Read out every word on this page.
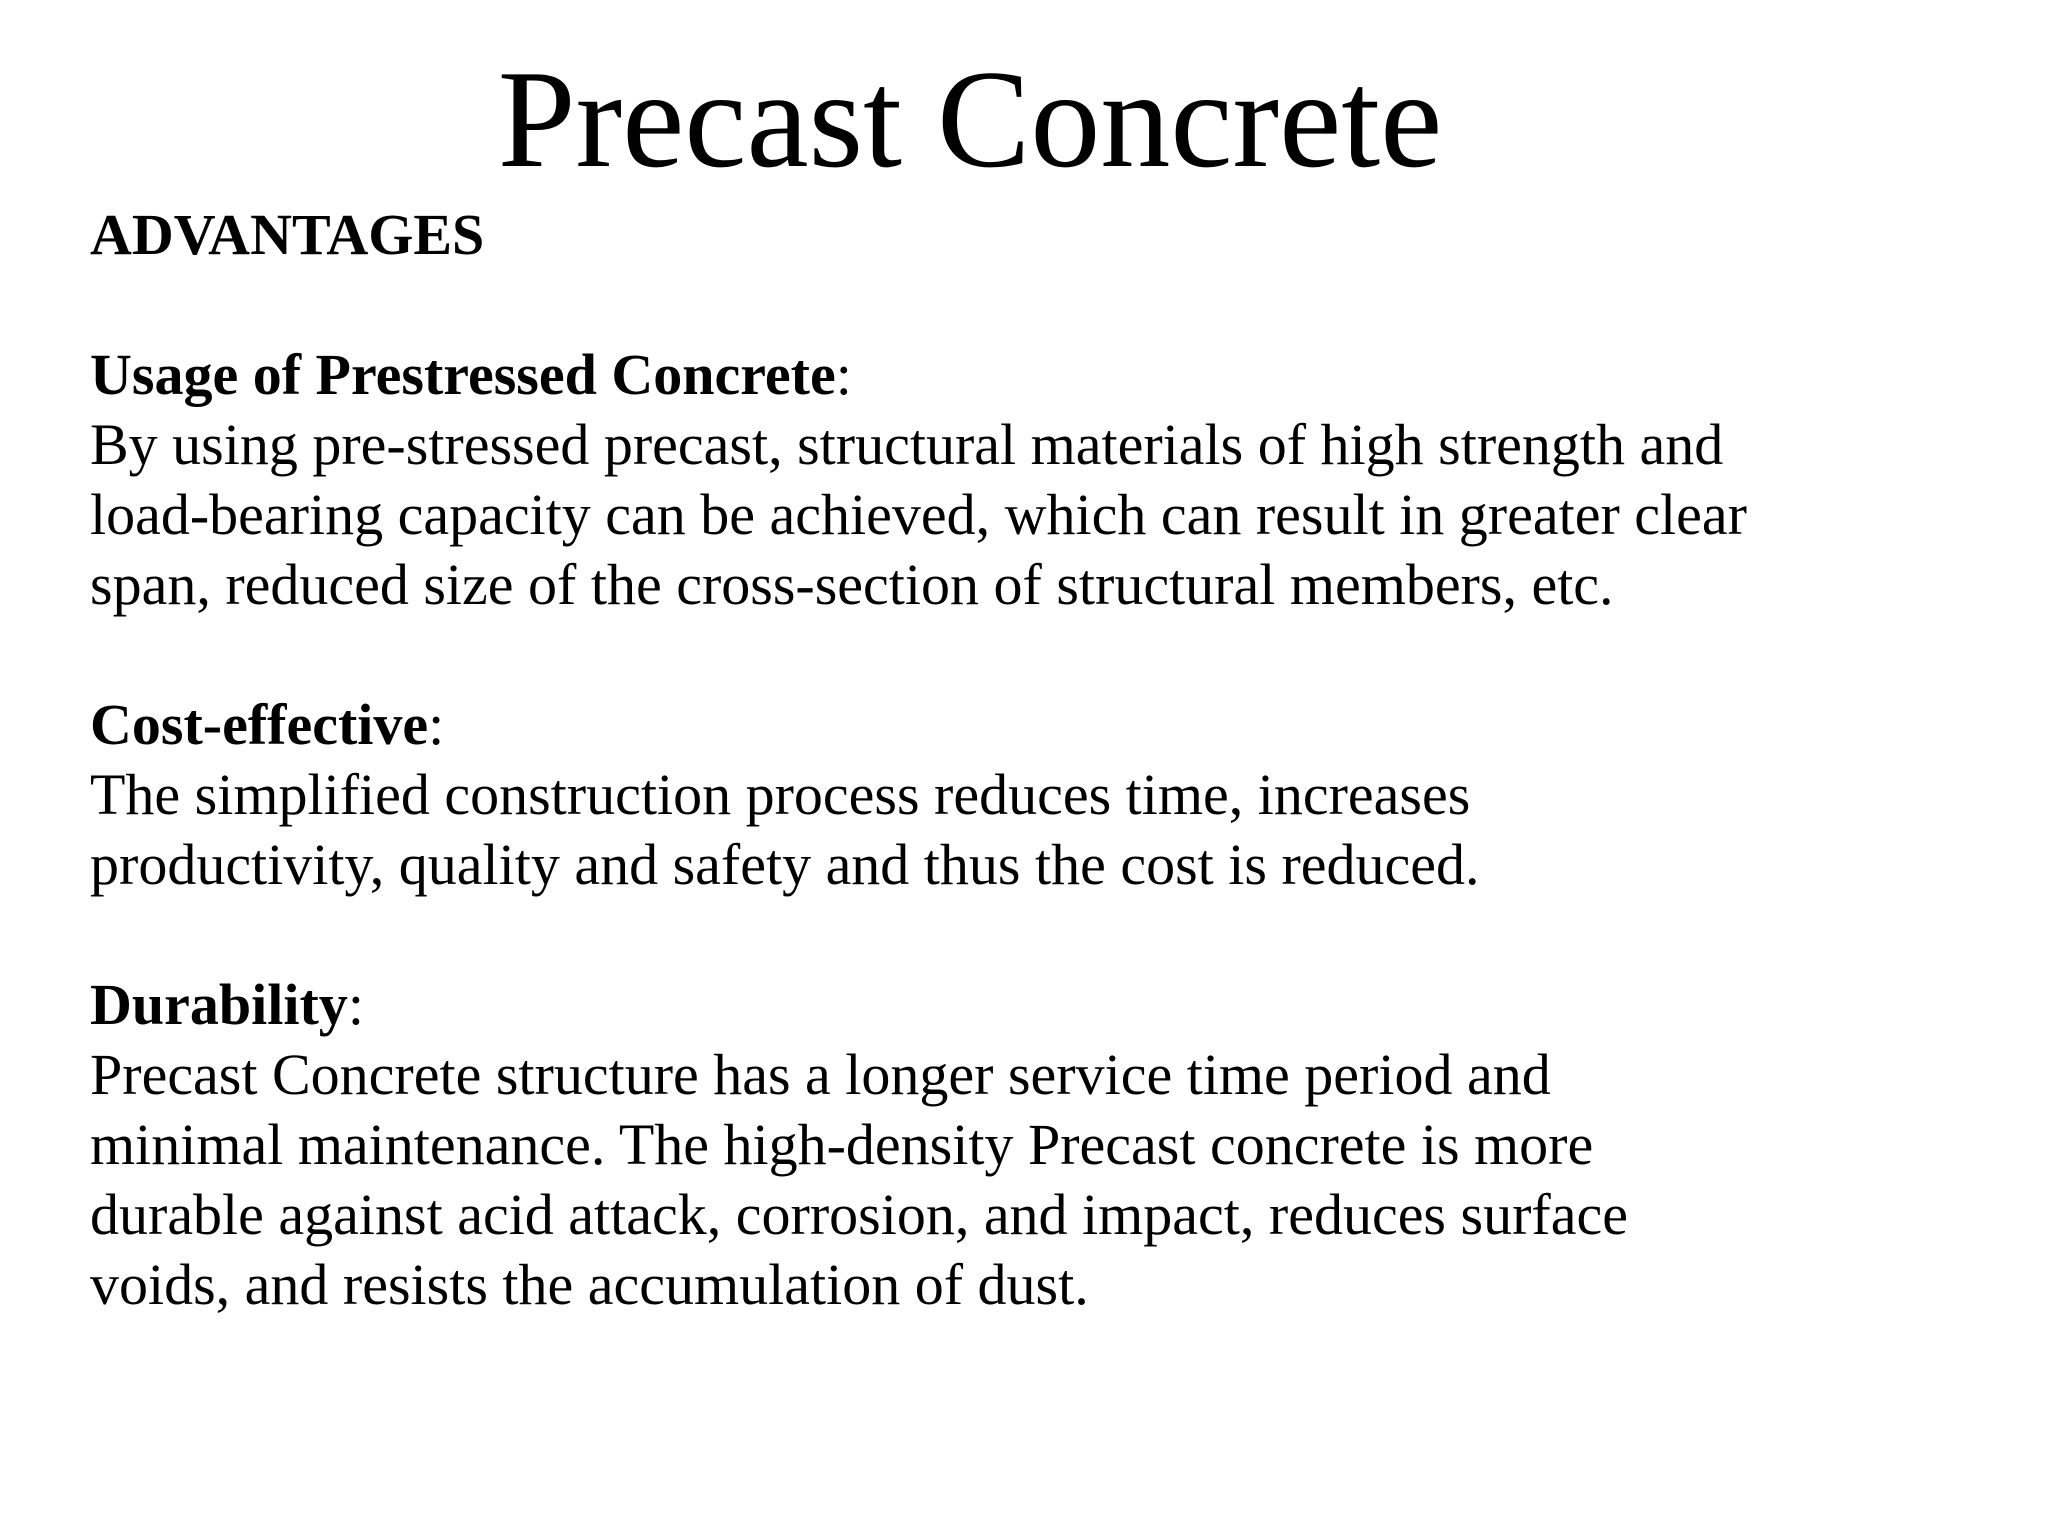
Precast Concrete

ADVANTAGES

Usage of Prestressed Concrete:

By using pre-stressed precast, structural materials of high strength and

load-bearing capacity can be achieved, which can result in greater clear

span, reduced size of the cross-section of structural members, etc.

Cost-effective:

The simplified construction process reduces time, increases

productivity, quality and safety and thus the cost is reduced.

Durability:

Precast Concrete structure has a longer service time period and

minimal maintenance. The high-density Precast concrete is more

durable against acid attack, corrosion, and impact, reduces surface

voids, and resists the accumulation of dust.
